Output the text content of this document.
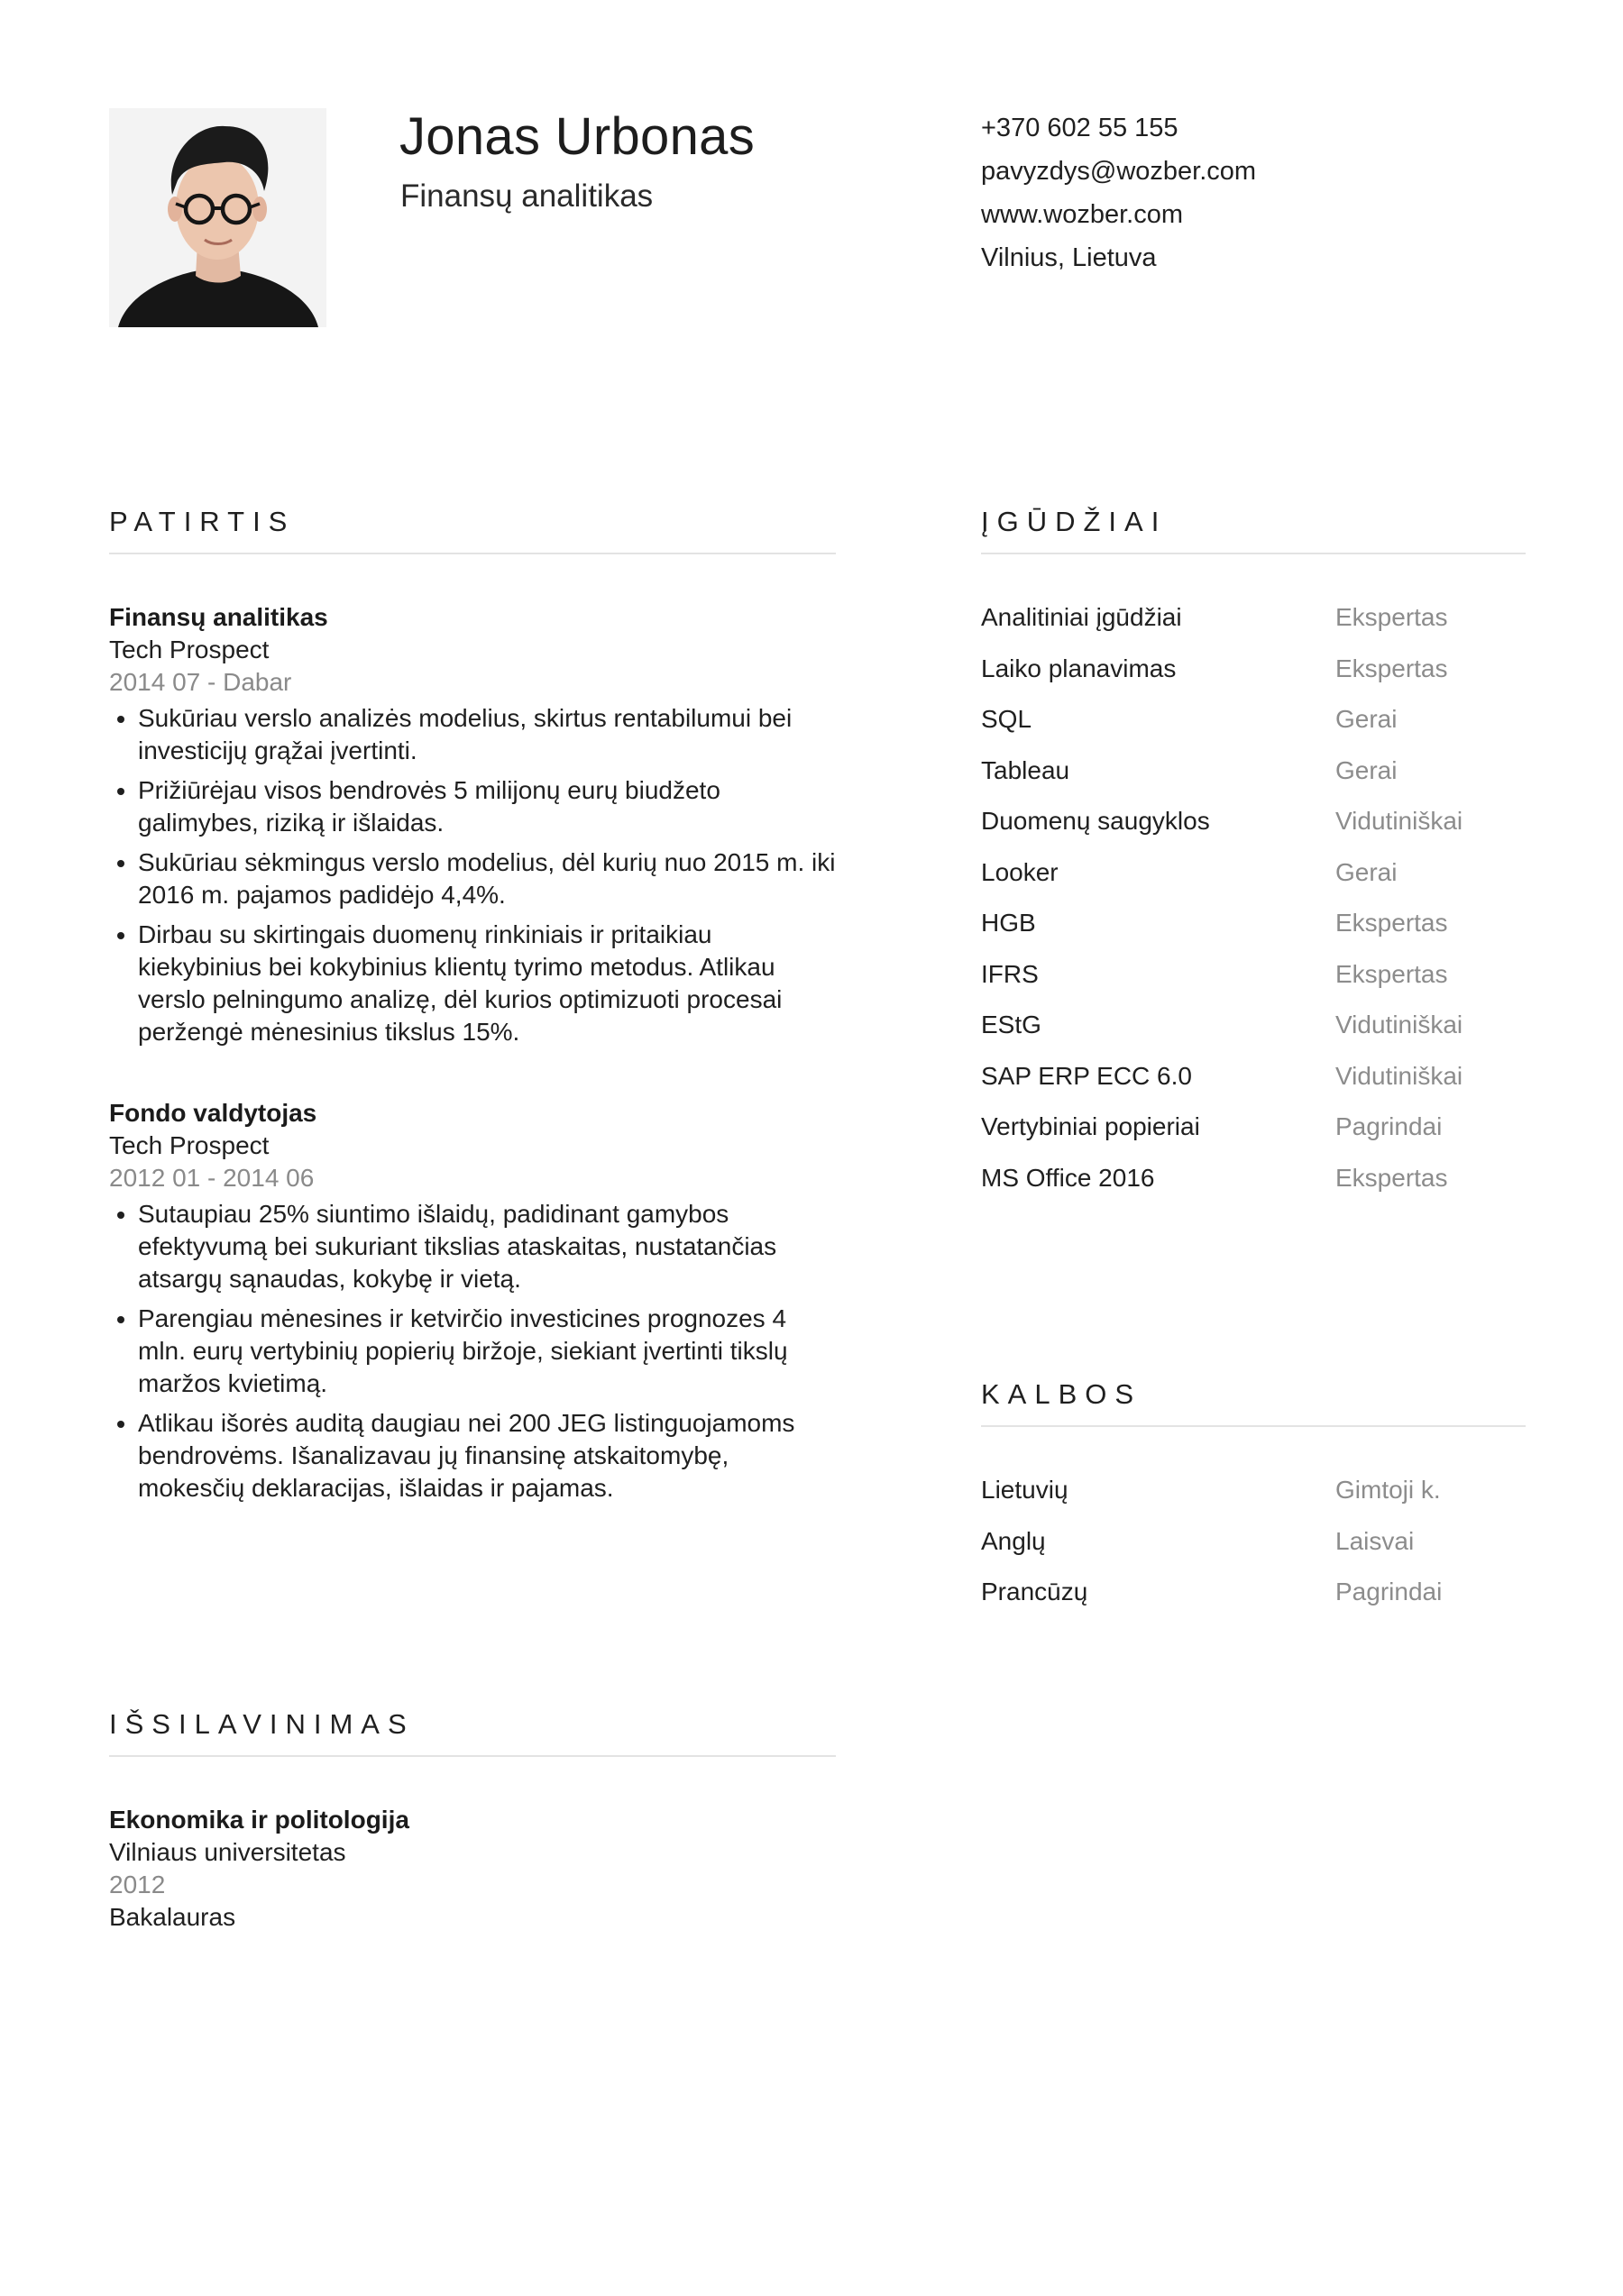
Jonas Urbonas
Finansų analitikas
+370 602 55 155
pavyzdys@wozber.com
www.wozber.com
Vilnius, Lietuva
PATIRTIS
Finansų analitikas
Tech Prospect
2014 07 - Dabar
• Sukūriau verslo analizės modelius, skirtus rentabilumui bei investicijų grąžai įvertinti.
• Prižiūrėjau visos bendrovės 5 milijonų eurų biudžeto galimybes, riziką ir išlaidas.
• Sukūriau sėkmingus verslo modelius, dėl kurių nuo 2015 m. iki 2016 m. pajamos padidėjo 4,4%.
• Dirbau su skirtingais duomenų rinkiniais ir pritaikiau kiekybinius bei kokybinius klientų tyrimo metodus. Atlikau verslo pelningumo analizę, dėl kurios optimizuoti procesai peržengė mėnesinius tikslus 15%.
Fondo valdytojas
Tech Prospect
2012 01 - 2014 06
• Sutaupiau 25% siuntimo išlaidų, padidinant gamybos efektyvumą bei sukuriant tikslias ataskaitas, nustatančias atsargų sąnaudas, kokybę ir vietą.
• Parengiau mėnesines ir ketvirčio investicines prognozes 4 mln. eurų vertybinių popierių biržoje, siekiant įvertinti tikslų maržos kvietimą.
• Atlikau išorės auditą daugiau nei 200 JEG listinguojamoms bendrovėms. Išanalizavau jų finansinę atskaitomybę, mokesčių deklaracijas, išlaidas ir pajamas.
IŠSILAVINIMAS
Ekonomika ir politologija
Vilniaus universitetas
2012
Bakalauras
ĮGŪDŽIAI
Analitiniai įgūdžiai	Ekspertas
Laiko planavimas	Ekspertas
SQL	Gerai
Tableau	Gerai
Duomenų saugyklos	Vidutiniškai
Looker	Gerai
HGB	Ekspertas
IFRS	Ekspertas
EStG	Vidutiniškai
SAP ERP ECC 6.0	Vidutiniškai
Vertybiniai popieriai	Pagrindai
MS Office 2016	Ekspertas
KALBOS
Lietuvių	Gimtoji k.
Anglų	Laisvai
Prancūzų	Pagrindai
